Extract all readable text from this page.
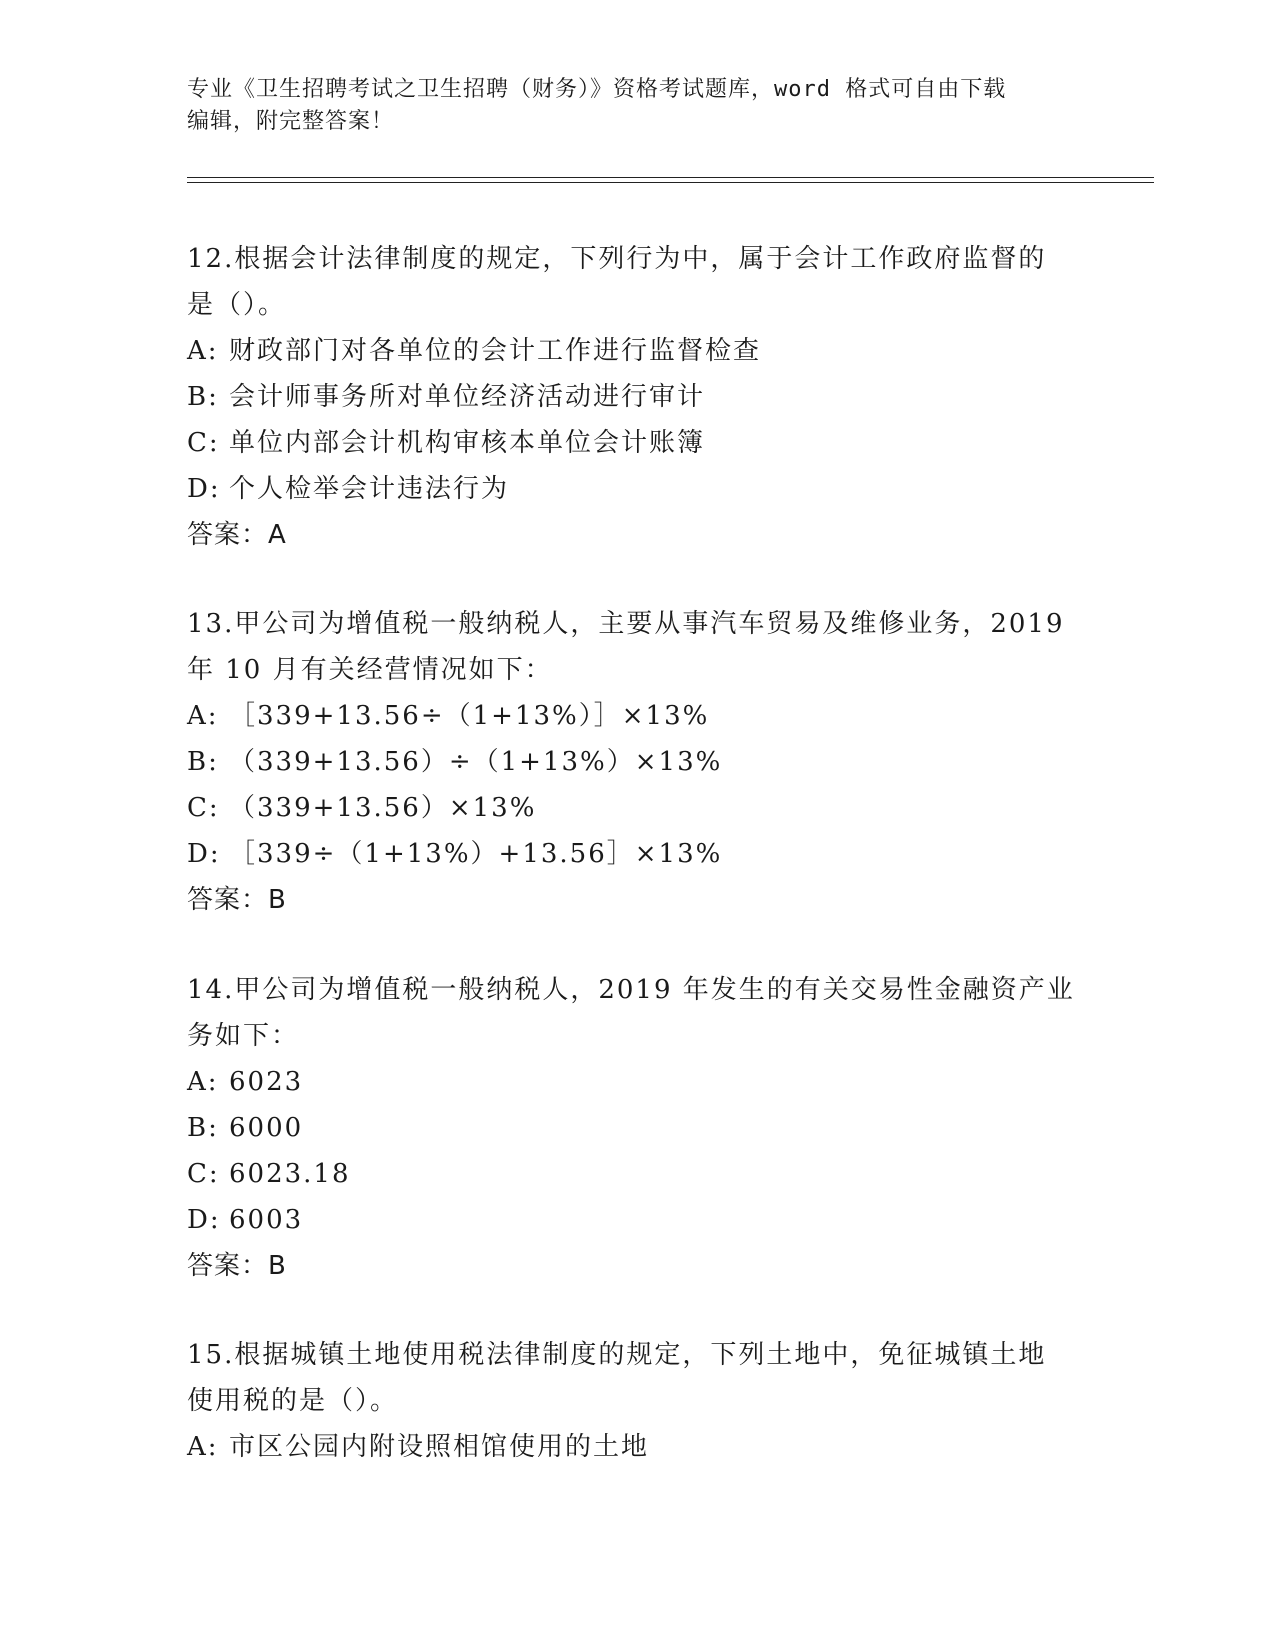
专业《卫生招聘考试之卫生招聘（财务）》资格考试题库，word 格式可自由下载
编辑，附完整答案！

12.根据会计法律制度的规定，下列行为中，属于会计工作政府监督的

是（）。

A: 财政部门对各单位的会计工作进行监督检查

B: 会计师事务所对单位经济活动进行审计

C: 单位内部会计机构审核本单位会计账簿

D: 个人检举会计违法行为

答案：A

13.甲公司为增值税一般纳税人，主要从事汽车贸易及维修业务，2019

年 10 月有关经营情况如下：

A: ［339+13.56÷（1+13%）］×13%

B: （339+13.56）÷（1+13%）×13%

C: （339+13.56）×13%

D: ［339÷（1+13%）+13.56］×13%

答案：B

14.甲公司为增值税一般纳税人，2019 年发生的有关交易性金融资产业

务如下：

A: 6023

B: 6000

C: 6023.18

D: 6003

答案：B

15.根据城镇土地使用税法律制度的规定，下列土地中，免征城镇土地

使用税的是（）。

A: 市区公园内附设照相馆使用的土地
